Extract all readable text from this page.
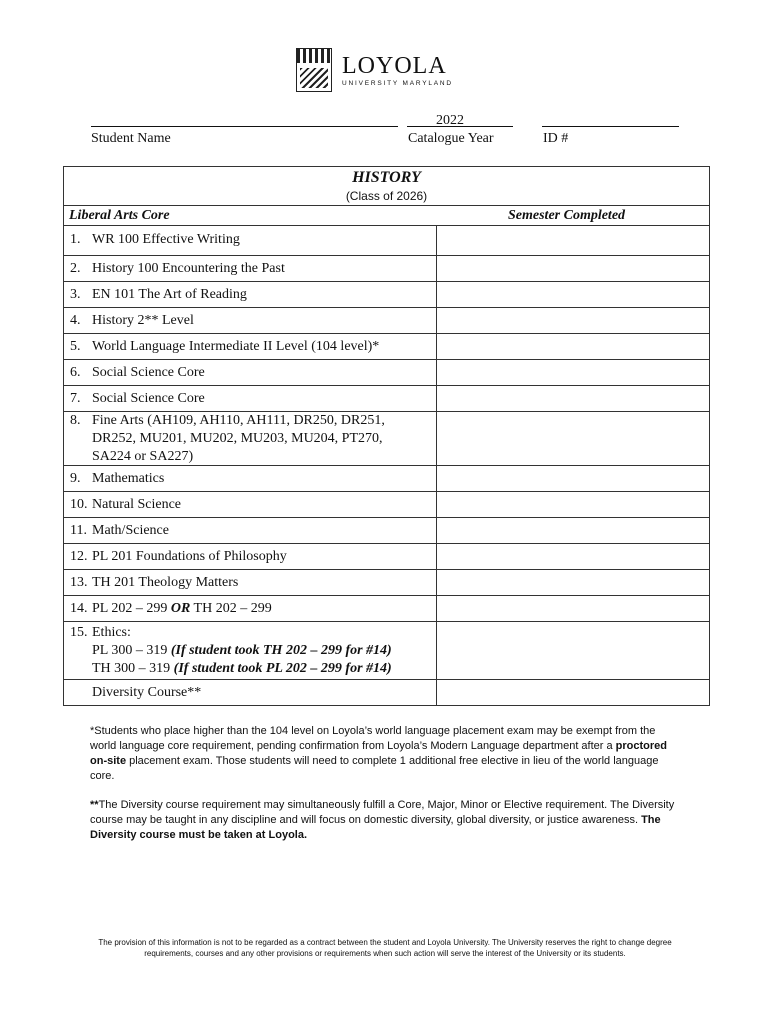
LOYOLA
UNIVERSITY MARYLAND
2022
Student Name	Catalogue Year	ID #
HISTORY
(Class of 2026)
Liberal Arts Core	Semester Completed
1. WR 100 Effective Writing
2. History 100 Encountering the Past
3. EN 101 The Art of Reading
4. History 2** Level
5. World Language Intermediate II Level (104 level)*
6. Social Science Core
7. Social Science Core
8. Fine Arts (AH109, AH110, AH111, DR250, DR251,
DR252, MU201, MU202, MU203, MU204, PT270,
SA224 or SA227)
9. Mathematics
10. Natural Science
11. Math/Science
12. PL 201 Foundations of Philosophy
13. TH 201 Theology Matters
14. PL 202 – 299 OR TH 202 – 299
15. Ethics:
PL 300 – 319 (If student took TH 202 – 299 for #14)
TH 300 – 319 (If student took PL 202 – 299 for #14)
Diversity Course**
*Students who place higher than the 104 level on Loyola’s world language placement exam may be exempt from the world language core requirement, pending confirmation from Loyola’s Modern Language department after a proctored on-site placement exam. Those students will need to complete 1 additional free elective in lieu of the world language core.
**The Diversity course requirement may simultaneously fulfill a Core, Major, Minor or Elective requirement. The Diversity course may be taught in any discipline and will focus on domestic diversity, global diversity, or justice awareness. The Diversity course must be taken at Loyola.
The provision of this information is not to be regarded as a contract between the student and Loyola University. The University reserves the right to change degree requirements, courses and any other provisions or requirements when such action will serve the interest of the University or its students.
